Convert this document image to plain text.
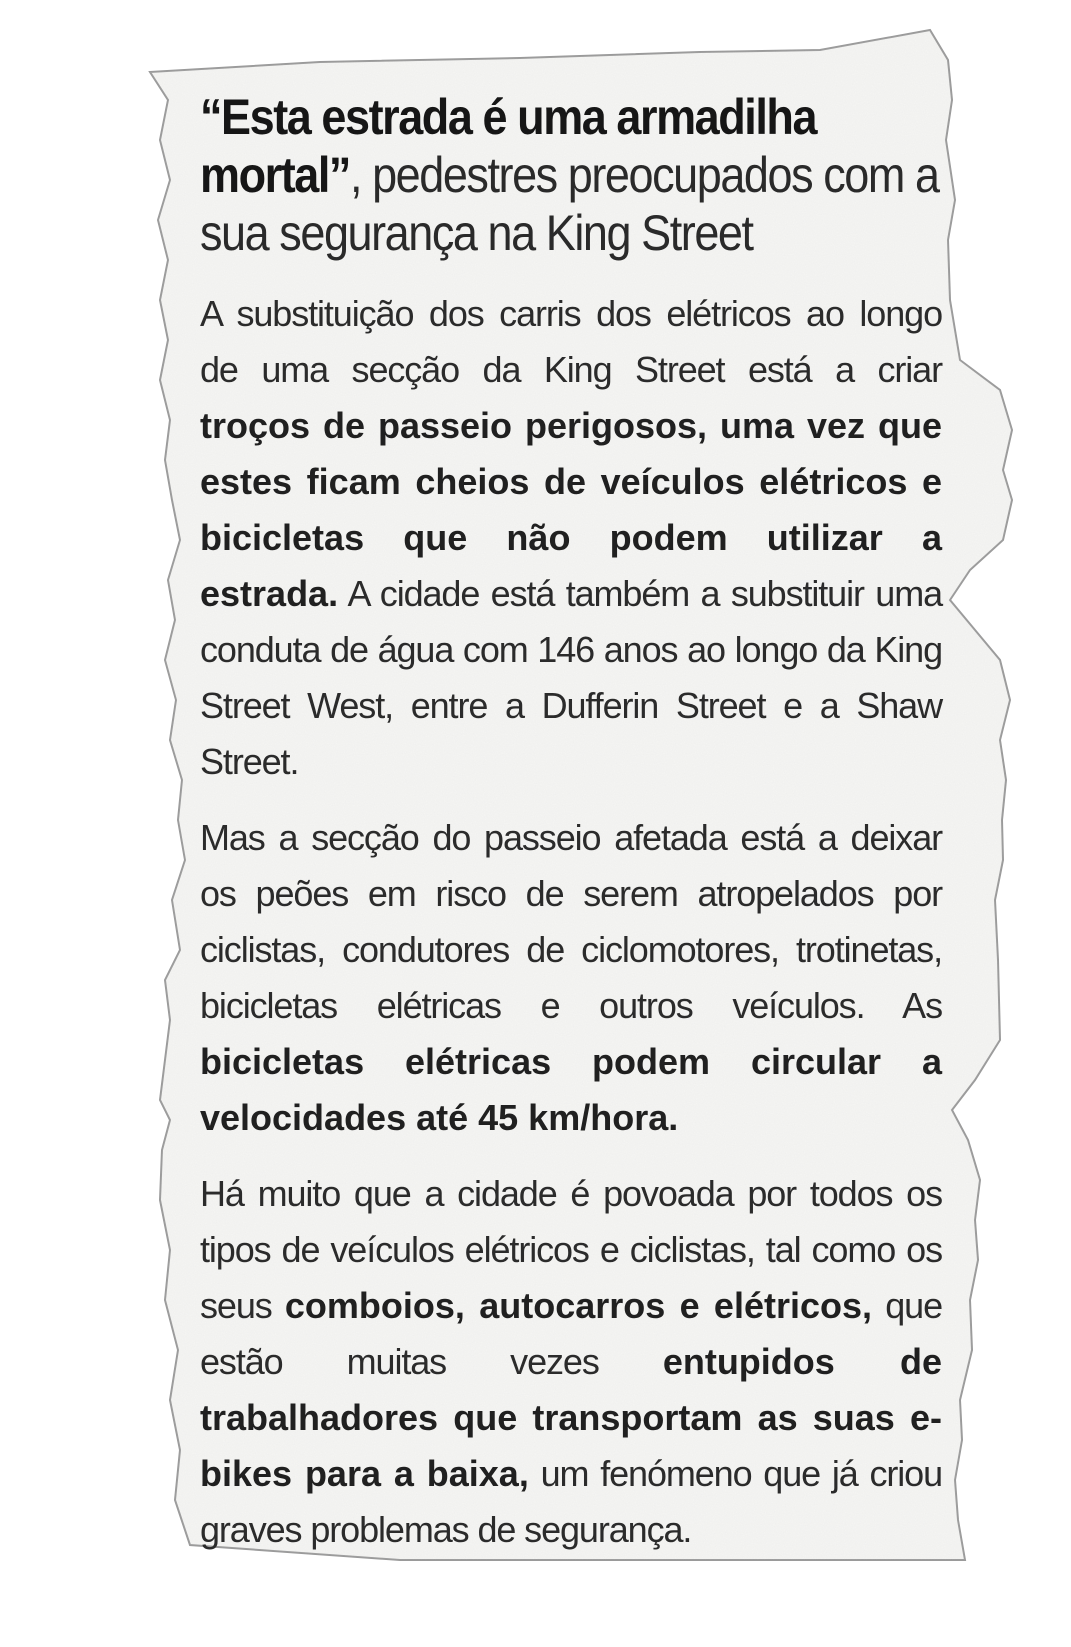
“Esta estrada é uma armadilha mortal”, pedestres preocupados com a sua segurança na King Street

A substituição dos carris dos elétricos ao longo de uma secção da King Street está a criar troços de passeio perigosos, uma vez que estes ficam cheios de veículos elétricos e bicicletas que não podem utilizar a estrada. A cidade está também a substituir uma conduta de água com 146 anos ao longo da King Street West, entre a Dufferin Street e a Shaw Street.

Mas a secção do passeio afetada está a deixar os peões em risco de serem atropelados por ciclistas, condutores de ciclomotores, trotinetas, bicicletas elétricas e outros veículos. As bicicletas elétricas podem circular a velocidades até 45 km/hora.

Há muito que a cidade é povoada por todos os tipos de veículos elétricos e ciclistas, tal como os seus comboios, autocarros e elétricos, que estão muitas vezes entupidos de trabalhadores que transportam as suas e-bikes para a baixa, um fenómeno que já criou graves problemas de segurança.
